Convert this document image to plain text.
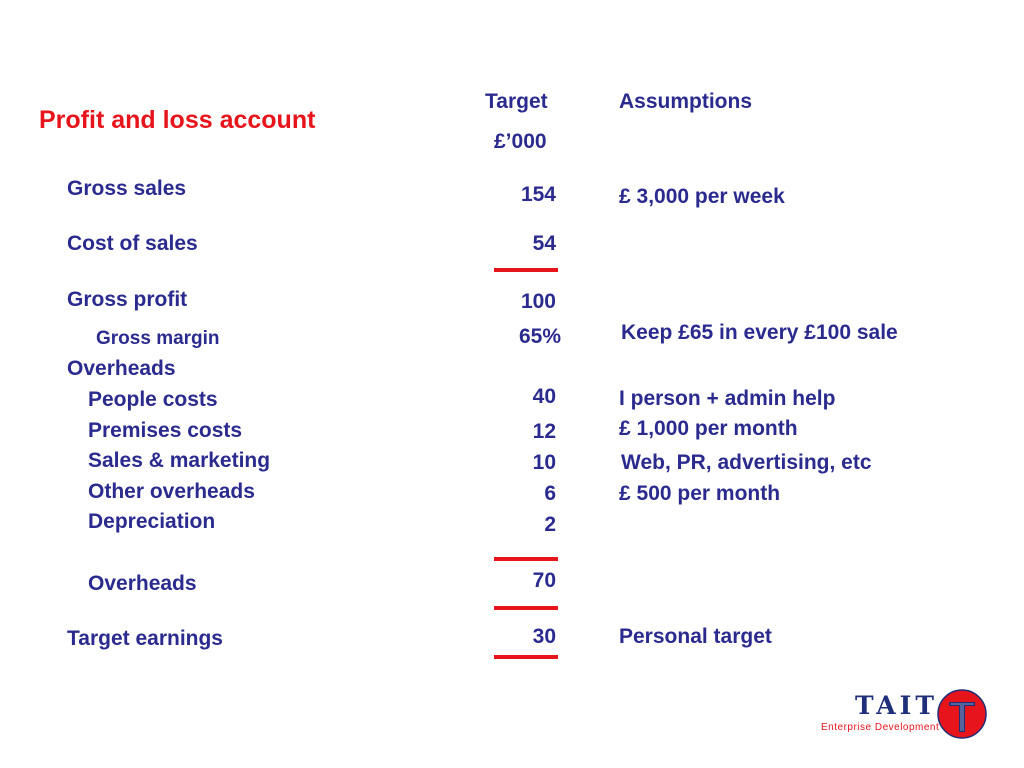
Profit and loss account
Target
£’000
Assumptions
Gross sales	154	£ 3,000 per week
Cost of sales	54
Gross profit	100
Gross margin	65%	Keep £65 in every £100 sale
Overheads
People costs	40	I person + admin help
Premises costs	12	£ 1,000 per month
Sales & marketing	10	Web, PR, advertising, etc
Other overheads	6	£ 500 per month
Depreciation	2
Overheads	70
Target earnings	30	Personal target
TAIT
Enterprise Development
